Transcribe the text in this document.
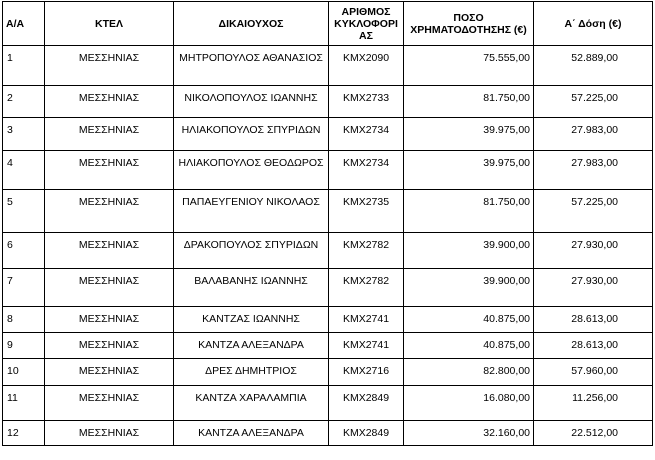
Α/Α	ΚΤΕΛ	ΔΙΚΑΙΟΥΧΟΣ	ΑΡΙΘΜΟΣ ΚΥΚΛΟΦΟΡΙ ΑΣ	ΠΟΣΟ ΧΡΗΜΑΤΟΔΟΤΗΣΗΣ (€)	Α΄ Δόση (€)
1	ΜΕΣΣΗΝΙΑΣ	ΜΗΤΡΟΠΟΥΛΟΣ ΑΘΑΝΑΣΙΟΣ	ΚΜΧ2090	75.555,00	52.889,00
2	ΜΕΣΣΗΝΙΑΣ	ΝΙΚΟΛΟΠΟΥΛΟΣ ΙΩΑΝΝΗΣ	ΚΜΧ2733	81.750,00	57.225,00
3	ΜΕΣΣΗΝΙΑΣ	ΗΛΙΑΚΟΠΟΥΛΟΣ ΣΠΥΡΙΔΩΝ	ΚΜΧ2734	39.975,00	27.983,00
4	ΜΕΣΣΗΝΙΑΣ	ΗΛΙΑΚΟΠΟΥΛΟΣ ΘΕΟΔΩΡΟΣ	ΚΜΧ2734	39.975,00	27.983,00
5	ΜΕΣΣΗΝΙΑΣ	ΠΑΠΑΕΥΓΕΝΙΟΥ ΝΙΚΟΛΑΟΣ	ΚΜΧ2735	81.750,00	57.225,00
6	ΜΕΣΣΗΝΙΑΣ	ΔΡΑΚΟΠΟΥΛΟΣ ΣΠΥΡΙΔΩΝ	ΚΜΧ2782	39.900,00	27.930,00
7	ΜΕΣΣΗΝΙΑΣ	ΒΑΛΑΒΑΝΗΣ ΙΩΑΝΝΗΣ	ΚΜΧ2782	39.900,00	27.930,00
8	ΜΕΣΣΗΝΙΑΣ	ΚΑΝΤΖΑΣ ΙΩΑΝΝΗΣ	ΚΜΧ2741	40.875,00	28.613,00
9	ΜΕΣΣΗΝΙΑΣ	ΚΑΝΤΖΑ ΑΛΕΞΑΝΔΡΑ	ΚΜΧ2741	40.875,00	28.613,00
10	ΜΕΣΣΗΝΙΑΣ	ΔΡΕΣ ΔΗΜΗΤΡΙΟΣ	ΚΜΧ2716	82.800,00	57.960,00
11	ΜΕΣΣΗΝΙΑΣ	ΚΑΝΤΖΑ ΧΑΡΑΛΑΜΠΙΑ	ΚΜΧ2849	16.080,00	11.256,00
12	ΜΕΣΣΗΝΙΑΣ	ΚΑΝΤΖΑ ΑΛΕΞΑΝΔΡΑ	ΚΜΧ2849	32.160,00	22.512,00
